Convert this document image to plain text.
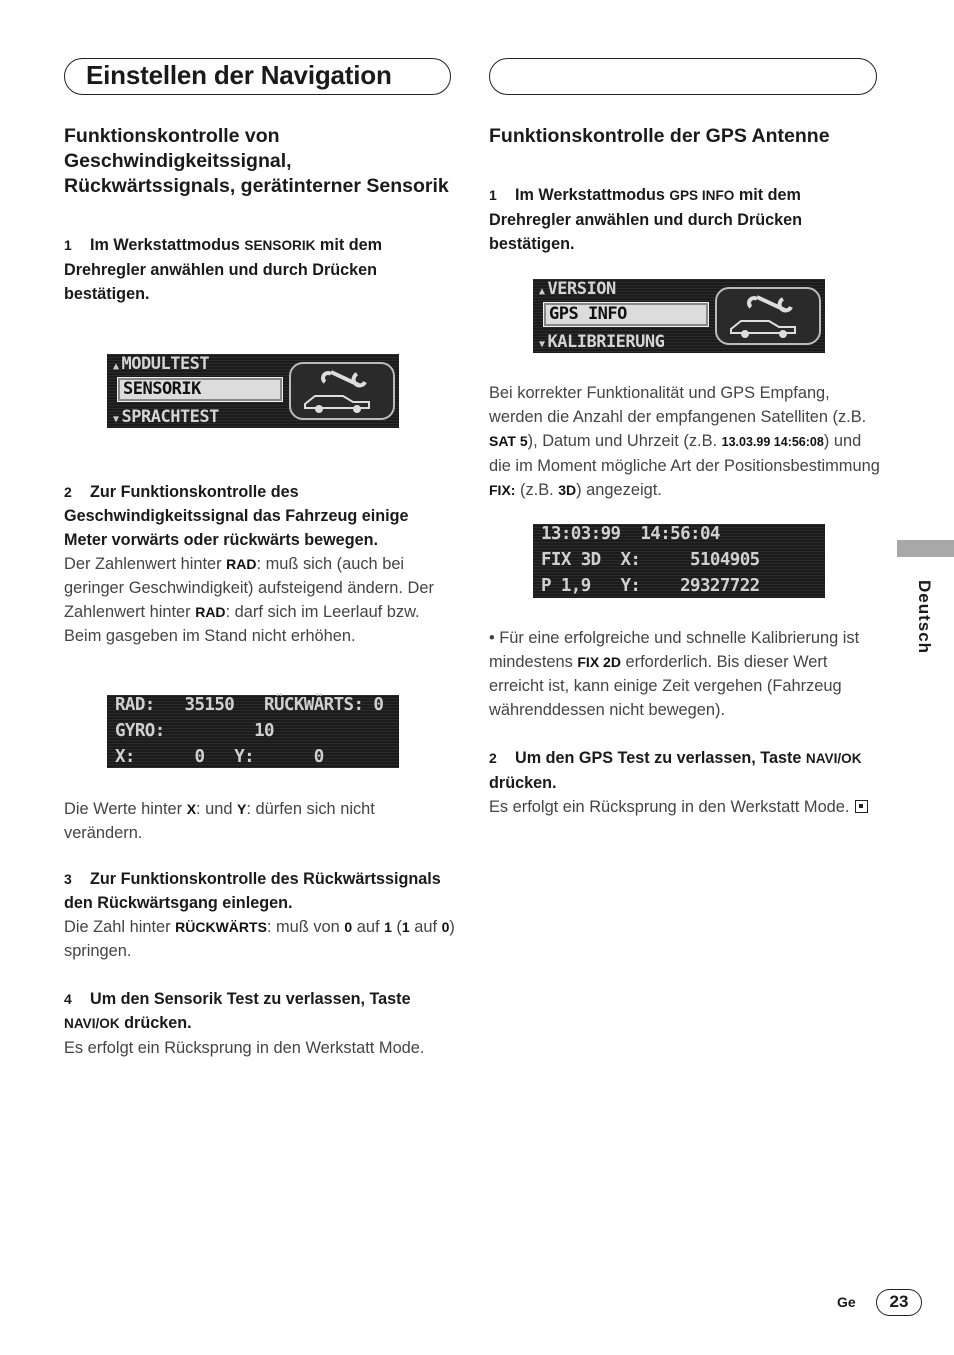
Einstellen der Navigation

Funktionskontrolle von Geschwindigkeitssignal, Rückwärtssignals, gerätinterner Sensorik

1 Im Werkstattmodus SENSORIK mit dem Drehregler anwählen und durch Drücken bestätigen.

▲ MODULTEST
SENSORIK
▼ SPRACHTEST

2 Zur Funktionskontrolle des Geschwindigkeitssignal das Fahrzeug einige Meter vorwärts oder rückwärts bewegen.

Der Zahlenwert hinter RAD: muß sich (auch bei geringer Geschwindigkeit) aufsteigend ändern. Der Zahlenwert hinter RAD: darf sich im Leerlauf bzw. Beim gasgeben im Stand nicht erhöhen.

RAD:   35150   RÜCKWÄRTS: 0
GYRO:         10
X:      0   Y:      0

Die Werte hinter X: und Y: dürfen sich nicht verändern.

3 Zur Funktionskontrolle des Rückwärtssignals den Rückwärtsgang einlegen.

Die Zahl hinter RÜCKWÄRTS: muß von 0 auf 1 (1 auf 0) springen.

4 Um den Sensorik Test zu verlassen, Taste NAVI/OK drücken.

Es erfolgt ein Rücksprung in den Werkstatt Mode.

Funktionskontrolle der GPS Antenne

1 Im Werkstattmodus GPS INFO mit dem Drehregler anwählen und durch Drücken bestätigen.

▲ VERSION
GPS INFO
▼ KALIBRIERUNG

Bei korrekter Funktionalität und GPS Empfang, werden die Anzahl der empfangenen Satelliten (z.B. SAT 5), Datum und Uhrzeit (z.B. 13.03.99 14:56:08) und die im Moment mögliche Art der Positionsbestimmung FIX: (z.B. 3D) angezeigt.

13:03:99  14:56:04
FIX 3D  X:     5104905
P 1,9   Y:    29327722

• Für eine erfolgreiche und schnelle Kalibrierung ist mindestens FIX 2D erforderlich. Bis dieser Wert erreicht ist, kann einige Zeit vergehen (Fahrzeug währenddessen nicht bewegen).

2 Um den GPS Test zu verlassen, Taste NAVI/OK drücken.

Es erfolgt ein Rücksprung in den Werkstatt Mode.

Deutsch
Ge	23
